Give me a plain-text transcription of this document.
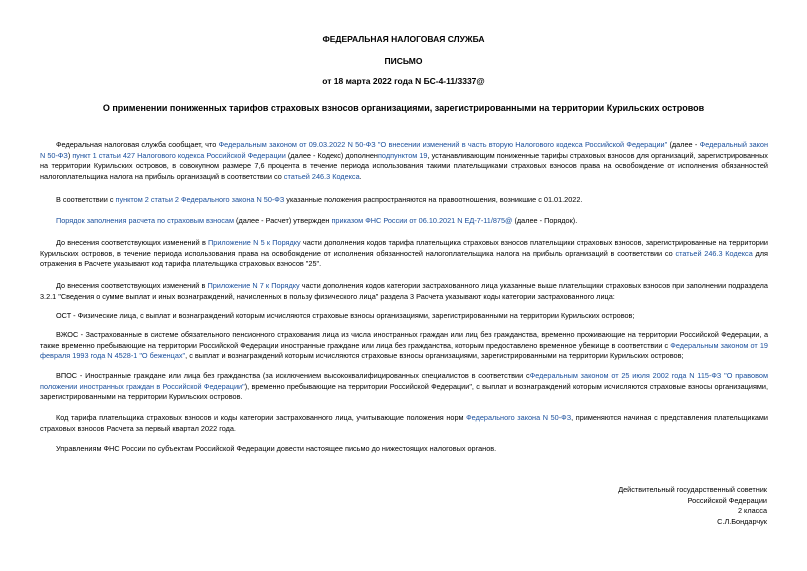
ФЕДЕРАЛЬНАЯ НАЛОГОВАЯ СЛУЖБА
ПИСЬМО
от 18 марта 2022 года N БС-4-11/3337@
О применении пониженных тарифов страховых взносов организациями, зарегистрированными на территории Курильских островов
Федеральная налоговая служба сообщает, что Федеральным законом от 09.03.2022 N 50-ФЗ "О внесении изменений в часть вторую Налогового кодекса Российской Федерации" (далее - Федеральный закон N 50-ФЗ) пункт 1 статьи 427 Налогового кодекса Российской Федерации (далее - Кодекс) дополненподпунктом 19, устанавливающим пониженные тарифы страховых взносов для организаций, зарегистрированных на территории Курильских островов, в совокупном размере 7,6 процента в течение периода использования такими плательщиками страховых взносов права на освобождение от исполнения обязанностей налогоплательщика налога на прибыль организаций в соответствии со статьей 246.3 Кодекса.
В соответствии с пунктом 2 статьи 2 Федерального закона N 50-ФЗ указанные положения распространяются на правоотношения, возникшие с 01.01.2022.
Порядок заполнения расчета по страховым взносам (далее - Расчет) утвержден приказом ФНС России от 06.10.2021 N ЕД-7-11/875@ (далее - Порядок).
До внесения соответствующих изменений в Приложение N 5 к Порядку части дополнения кодов тарифа плательщика страховых взносов плательщики страховых взносов, зарегистрированные на территории Курильских островов, в течение периода использования права на освобождение от исполнения обязанностей налогоплательщика налога на прибыль организаций в соответствии со статьей 246.3 Кодекса для отражения в Расчете указывают код тарифа плательщика страховых взносов "25".
До внесения соответствующих изменений в Приложение N 7 к Порядку части дополнения кодов категории застрахованного лица указанные выше плательщики страховых взносов при заполнении подраздела 3.2.1 "Сведения о сумме выплат и иных вознаграждений, начисленных в пользу физического лица" раздела 3 Расчета указывают коды категории застрахованного лица:
ОСТ - Физические лица, с выплат и вознаграждений которым исчисляются страховые взносы организациями, зарегистрированными на территории Курильских островов;
ВЖОС - Застрахованные в системе обязательного пенсионного страхования лица из числа иностранных граждан или лиц без гражданства, временно проживающие на территории Российской Федерации, а также временно пребывающие на территории Российской Федерации иностранные граждане или лица без гражданства, которым предоставлено временное убежище в соответствии с Федеральным законом от 19 февраля 1993 года N 4528-1 "О беженцах", с выплат и вознаграждений которым исчисляются страховые взносы организациями, зарегистрированными на территории Курильских островов;
ВПОС - Иностранные граждане или лица без гражданства (за исключением высококвалифицированных специалистов в соответствии сФедеральным законом от 25 июля 2002 года N 115-ФЗ "О правовом положении иностранных граждан в Российской Федерации"), временно пребывающие на территории Российской Федерации", с выплат и вознаграждений которым исчисляются страховые взносы организациями, зарегистрированными на территории Курильских островов.
Код тарифа плательщика страховых взносов и коды категории застрахованного лица, учитывающие положения норм Федерального закона N 50-ФЗ, применяются начиная с представления плательщиками страховых взносов Расчета за первый квартал 2022 года.
Управлениям ФНС России по субъектам Российской Федерации довести настоящее письмо до нижестоящих налоговых органов.
Действительный государственный советник
Российской Федерации
2 класса
С.Л.Бондарчук
